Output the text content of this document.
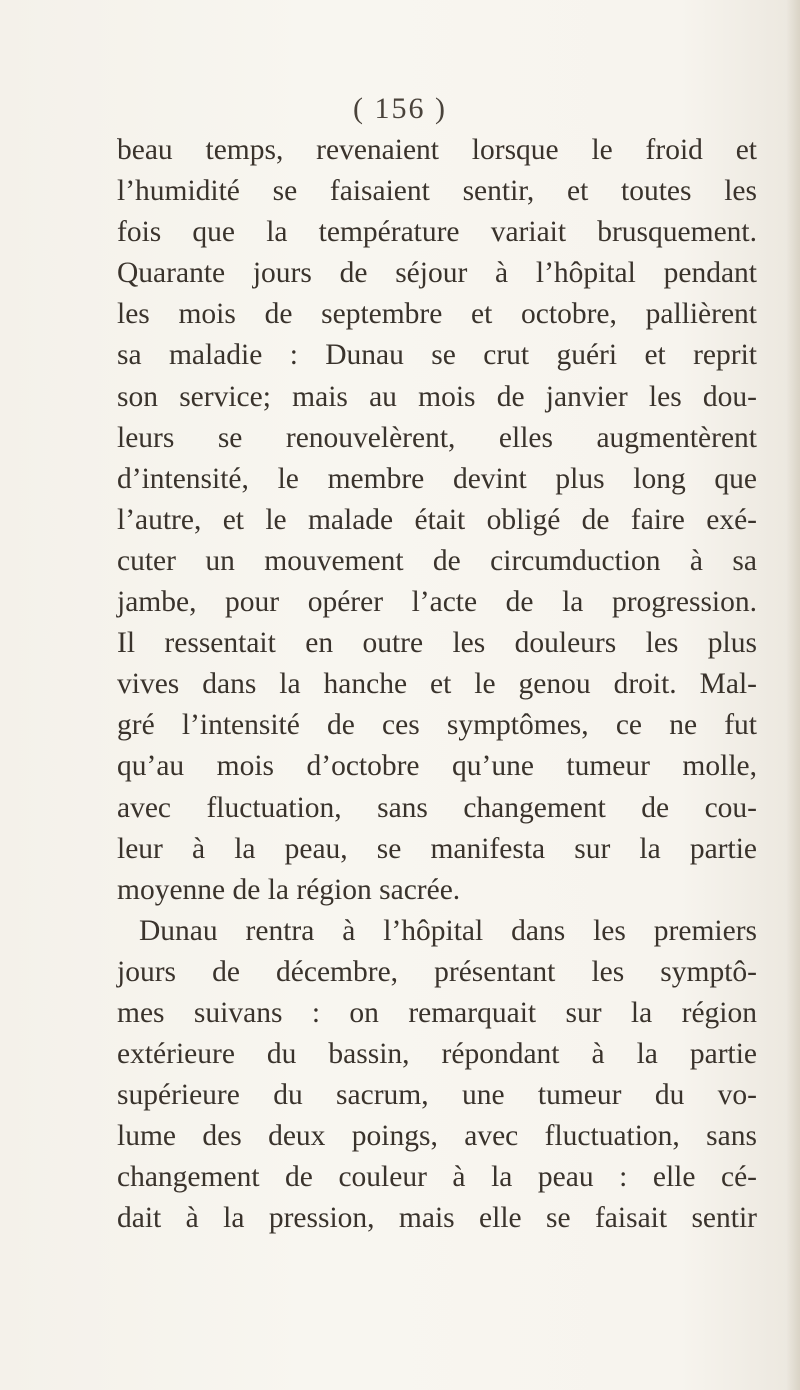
( 156 )
beau temps, revenaient lorsque le froid et
l’humidité se faisaient sentir, et toutes les
fois que la température variait brusquement.
Quarante jours de séjour à l’hôpital pendant
les mois de septembre et octobre, pallièrent
sa maladie : Dunau se crut guéri et reprit
son service; mais au mois de janvier les dou-
leurs se renouvelèrent, elles augmentèrent
d’intensité, le membre devint plus long que
l’autre, et le malade était obligé de faire exé-
cuter un mouvement de circumduction à sa
jambe, pour opérer l’acte de la progression.
Il ressentait en outre les douleurs les plus
vives dans la hanche et le genou droit. Mal-
gré l’intensité de ces symptômes, ce ne fut
qu’au mois d’octobre qu’une tumeur molle,
avec fluctuation, sans changement de cou-
leur à la peau, se manifesta sur la partie
moyenne de la région sacrée.
Dunau rentra à l’hôpital dans les premiers
jours de décembre, présentant les symptô-
mes suivans : on remarquait sur la région
extérieure du bassin, répondant à la partie
supérieure du sacrum, une tumeur du vo-
lume des deux poings, avec fluctuation, sans
changement de couleur à la peau : elle cé-
dait à la pression, mais elle se faisait sentir
